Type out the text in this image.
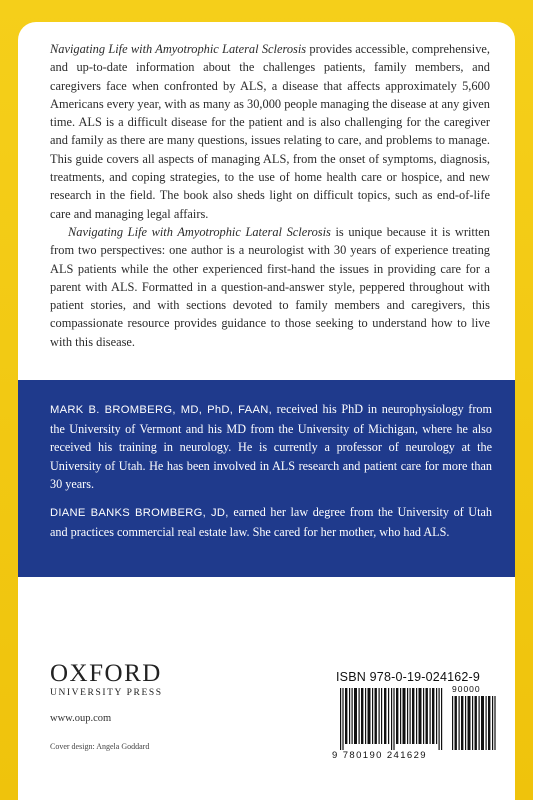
Navigating Life with Amyotrophic Lateral Sclerosis provides accessible, comprehensive, and up-to-date information about the challenges patients, family members, and caregivers face when confronted by ALS, a disease that affects approximately 5,600 Americans every year, with as many as 30,000 people managing the disease at any given time. ALS is a difficult disease for the patient and is also challenging for the caregiver and family as there are many questions, issues relating to care, and problems to manage. This guide covers all aspects of managing ALS, from the onset of symptoms, diagnosis, treatments, and coping strategies, to the use of home health care or hospice, and new research in the field. The book also sheds light on difficult topics, such as end-of-life care and managing legal affairs.

Navigating Life with Amyotrophic Lateral Sclerosis is unique because it is written from two perspectives: one author is a neurologist with 30 years of experience treating ALS patients while the other experienced first-hand the issues in providing care for a parent with ALS. Formatted in a question-and-answer style, peppered throughout with patient stories, and with sections devoted to family members and caregivers, this compassionate resource provides guidance to those seeking to understand how to live with this disease.

MARK B. BROMBERG, MD, PhD, FAAN, received his PhD in neurophysiology from the University of Vermont and his MD from the University of Michigan, where he also received his training in neurology. He is currently a professor of neurology at the University of Utah. He has been involved in ALS research and patient care for more than 30 years.

DIANE BANKS BROMBERG, JD, earned her law degree from the University of Utah and practices commercial real estate law. She cared for her mother, who had ALS.

OXFORD
UNIVERSITY PRESS
www.oup.com
Cover design: Angela Goddard
ISBN 978-0-19-024162-9
90000
9 780190 241629
